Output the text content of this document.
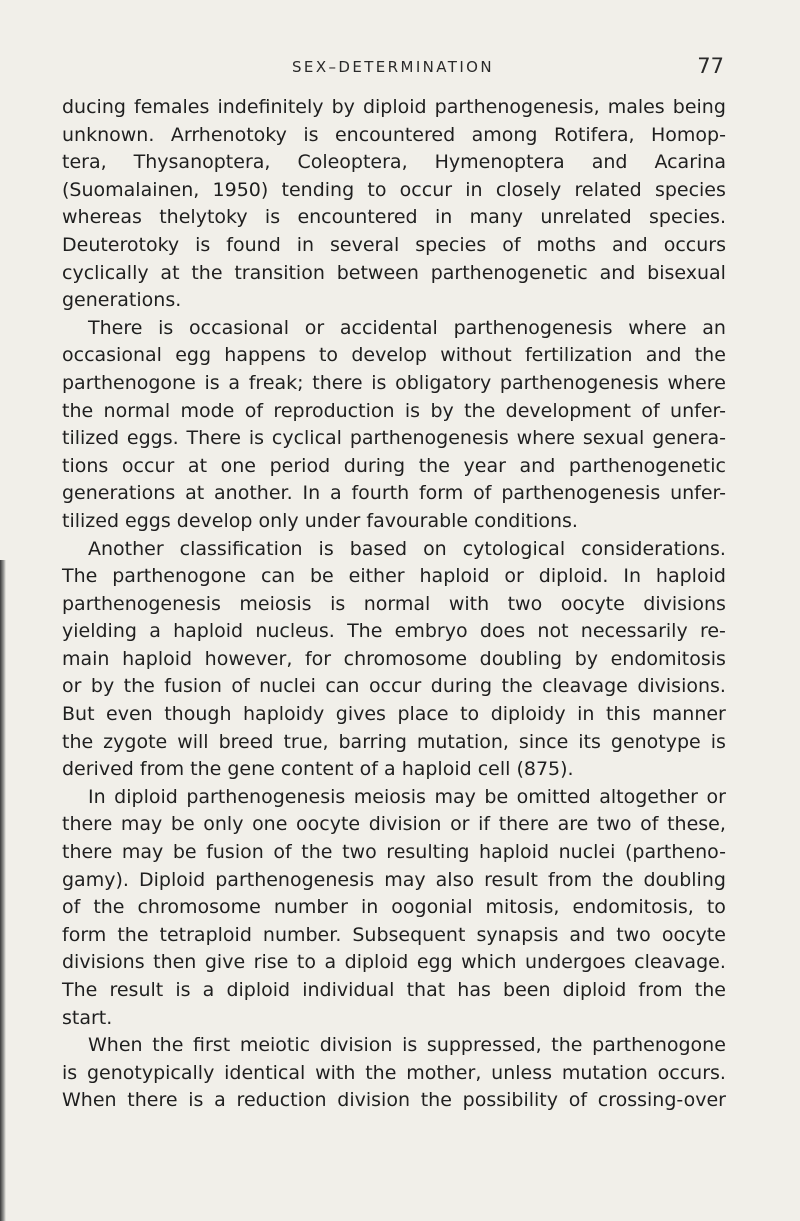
SEX–DETERMINATION	77
ducing females indefinitely by diploid parthenogenesis, males being
unknown. Arrhenotoky is encountered among Rotifera, Homop-
tera, Thysanoptera, Coleoptera, Hymenoptera and Acarina
(Suomalainen, 1950) tending to occur in closely related species
whereas thelytoky is encountered in many unrelated species.
Deuterotoky is found in several species of moths and occurs
cyclically at the transition between parthenogenetic and bisexual
generations.
There is occasional or accidental parthenogenesis where an
occasional egg happens to develop without fertilization and the
parthenogone is a freak; there is obligatory parthenogenesis where
the normal mode of reproduction is by the development of unfer-
tilized eggs. There is cyclical parthenogenesis where sexual genera-
tions occur at one period during the year and parthenogenetic
generations at another. In a fourth form of parthenogenesis unfer-
tilized eggs develop only under favourable conditions.
Another classification is based on cytological considerations.
The parthenogone can be either haploid or diploid. In haploid
parthenogenesis meiosis is normal with two oocyte divisions
yielding a haploid nucleus. The embryo does not necessarily re-
main haploid however, for chromosome doubling by endomitosis
or by the fusion of nuclei can occur during the cleavage divisions.
But even though haploidy gives place to diploidy in this manner
the zygote will breed true, barring mutation, since its genotype is
derived from the gene content of a haploid cell (875).
In diploid parthenogenesis meiosis may be omitted altogether or
there may be only one oocyte division or if there are two of these,
there may be fusion of the two resulting haploid nuclei (partheno-
gamy). Diploid parthenogenesis may also result from the doubling
of the chromosome number in oogonial mitosis, endomitosis, to
form the tetraploid number. Subsequent synapsis and two oocyte
divisions then give rise to a diploid egg which undergoes cleavage.
The result is a diploid individual that has been diploid from the
start.
When the first meiotic division is suppressed, the parthenogone
is genotypically identical with the mother, unless mutation occurs.
When there is a reduction division the possibility of crossing-over
